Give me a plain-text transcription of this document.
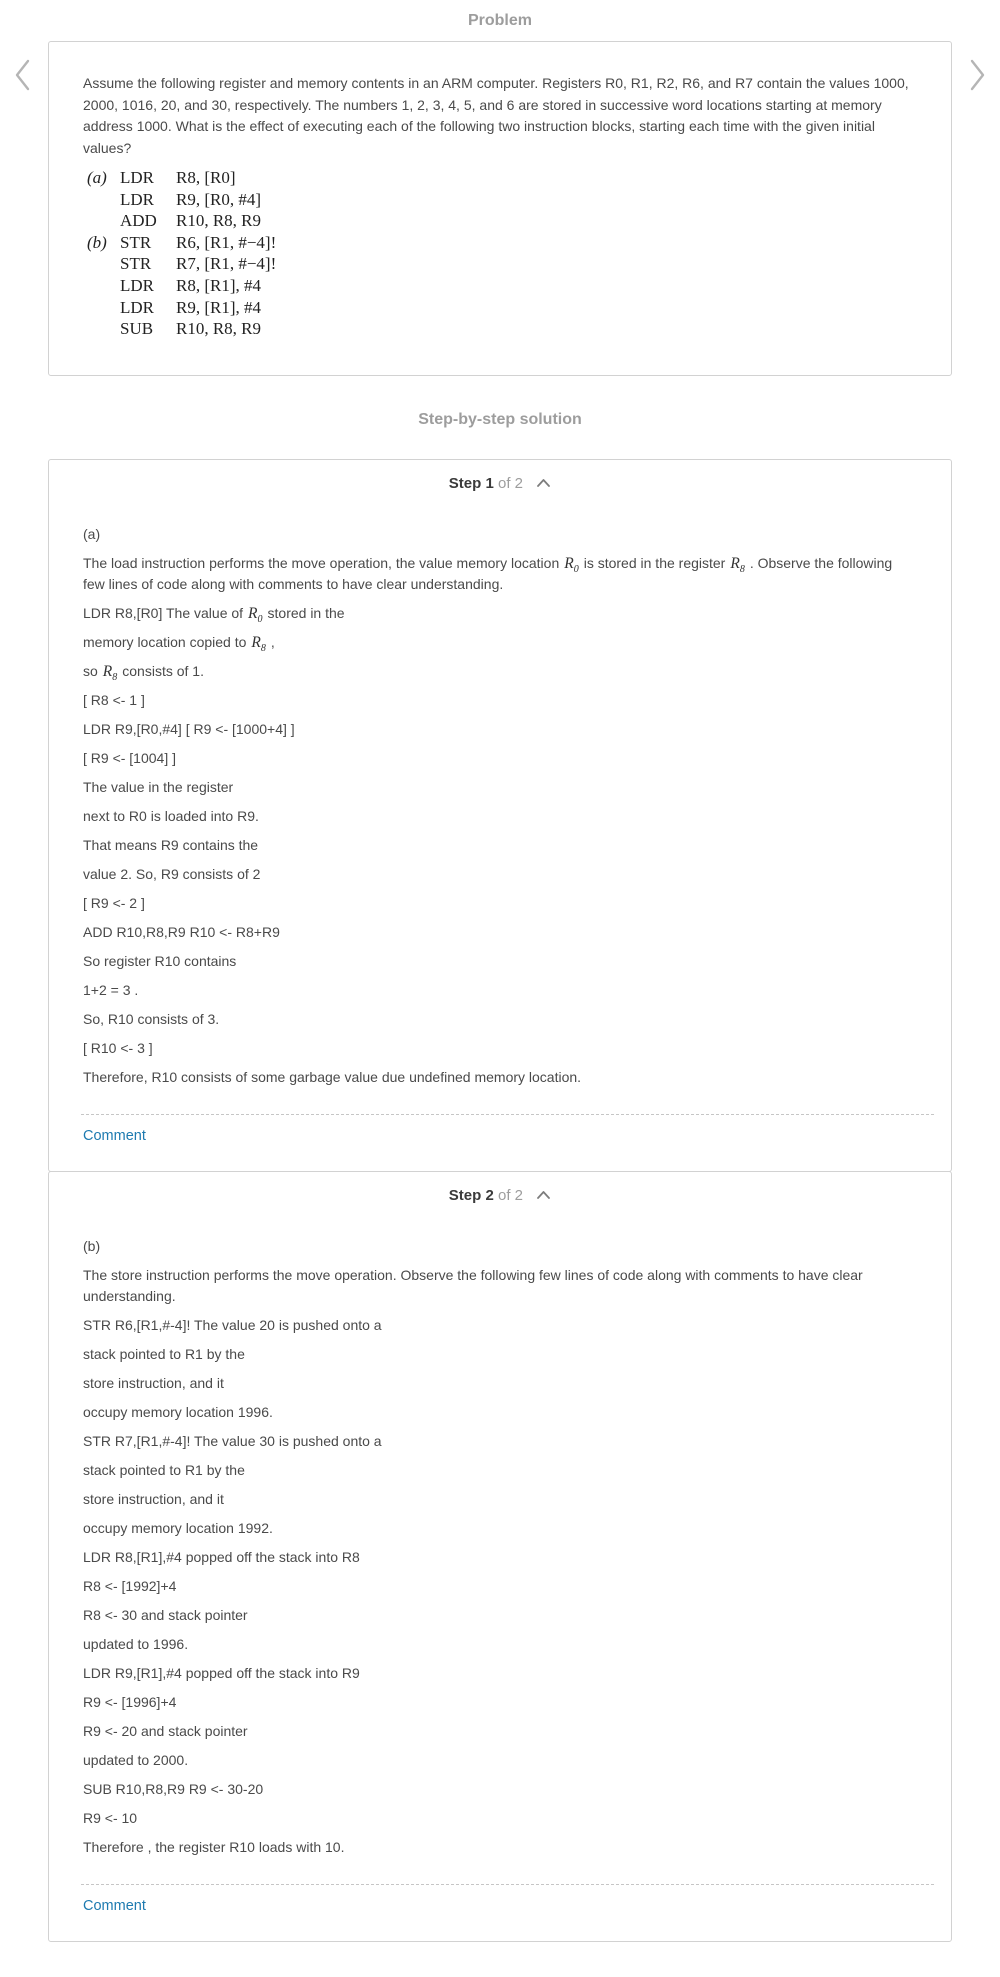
Problem

Assume the following register and memory contents in an ARM computer. Registers R0, R1, R2, R6, and R7 contain the values 1000, 2000, 1016, 20, and 30, respectively. The numbers 1, 2, 3, 4, 5, and 6 are stored in successive word locations starting at memory address 1000. What is the effect of executing each of the following two instruction blocks, starting each time with the given initial values?

(a) LDR	R8, [R0]
LDR	R9, [R0, #4]
ADD	R10, R8, R9
(b) STR	R6, [R1, #−4]!
STR	R7, [R1, #−4]!
LDR	R8, [R1], #4
LDR	R9, [R1], #4
SUB	R10, R8, R9
Step-by-step solution
Step 1 of 2

(a)

The load instruction performs the move operation, the value memory location $R_0$ is stored in the register $R_8$ . Observe the following few lines of code along with comments to have clear understanding.

LDR R8,[R0] The value of $R_0$ stored in the

memory location copied to $R_8$ ,

so $R_8$ consists of 1.

[ R8 <- 1 ]

LDR R9,[R0,#4] [ R9 <- [1000+4] ]

[ R9 <- [1004] ]

The value in the register

next to R0 is loaded into R9.

That means R9 contains the

value 2. So, R9 consists of 2

[ R9 <- 2 ]

ADD R10,R8,R9 R10 <- R8+R9

So register R10 contains

1+2 = 3 .

So, R10 consists of 3.

[ R10 <- 3 ]

Therefore, R10 consists of some garbage value due undefined memory location.

Comment
Step 2 of 2

(b)

The store instruction performs the move operation. Observe the following few lines of code along with comments to have clear understanding.

STR R6,[R1,#-4]! The value 20 is pushed onto a

stack pointed to R1 by the

store instruction, and it

occupy memory location 1996.

STR R7,[R1,#-4]! The value 30 is pushed onto a

stack pointed to R1 by the

store instruction, and it

occupy memory location 1992.

LDR R8,[R1],#4 popped off the stack into R8

R8 <- [1992]+4

R8 <- 30 and stack pointer

updated to 1996.

LDR R9,[R1],#4 popped off the stack into R9

R9 <- [1996]+4

R9 <- 20 and stack pointer

updated to 2000.

SUB R10,R8,R9 R9 <- 30-20

R9 <- 10

Therefore , the register R10 loads with 10.

Comment
